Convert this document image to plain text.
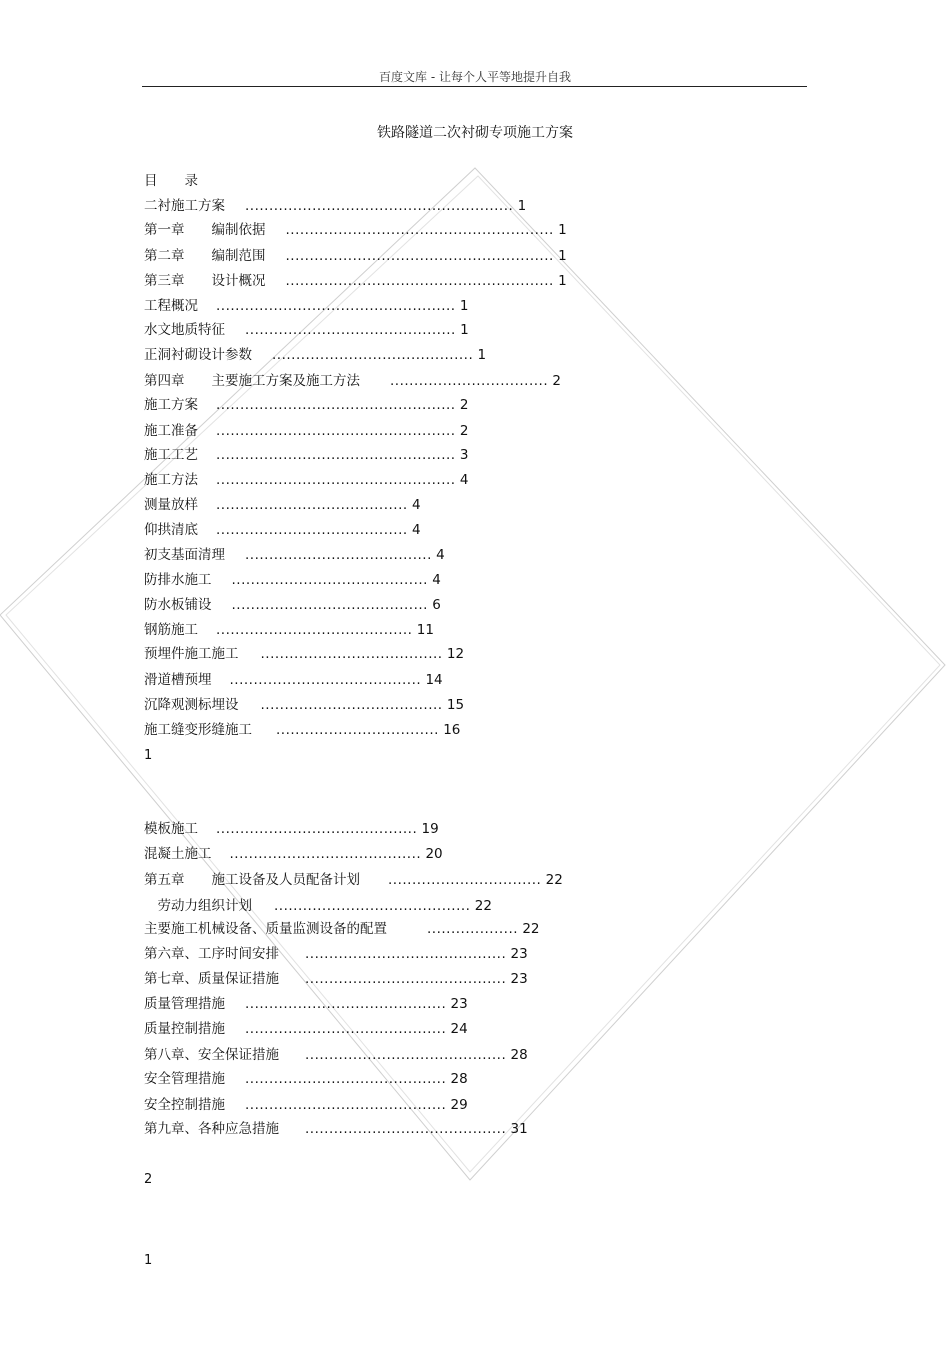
百度文库 - 让每个人平等地提升自我
铁路隧道二次衬砌专项施工方案
目　　录
二衬施工方案 ........................................................ 1
第一章　　编制依据 ........................................................ 1
第二章　　编制范围 ........................................................ 1
第三章　　设计概况 ........................................................ 1
工程概况 .................................................. 1
水文地质特征 ............................................ 1
正洞衬砌设计参数 .......................................... 1
第四章　　主要施工方案及施工方法 ................................. 2
施工方案 .................................................. 2
施工准备 .................................................. 2
施工工艺 .................................................. 3
施工方法 .................................................. 4
测量放样 ........................................ 4
仰拱清底 ........................................ 4
初支基面清理 ....................................... 4
防排水施工 ......................................... 4
防水板铺设 ......................................... 6
钢筋施工 ......................................... 11
预埋件施工施工 ...................................... 12
滑道槽预埋 ........................................ 14
沉降观测标埋设 ...................................... 15
施工缝变形缝施工 .................................. 16
1
模板施工 .......................................... 19
混凝土施工 ........................................ 20
第五章　　施工设备及人员配备计划 ................................ 22
　劳动力组织计划 ......................................... 22
主要施工机械设备、质量监测设备的配置	................... 22
第六章、工序时间安排 .......................................... 23
第七章、质量保证措施 .......................................... 23
质量管理措施 .......................................... 23
质量控制措施 .......................................... 24
第八章、安全保证措施 .......................................... 28
安全管理措施 .......................................... 28
安全控制措施 .......................................... 29
第九章、各种应急措施 .......................................... 31
2
1
